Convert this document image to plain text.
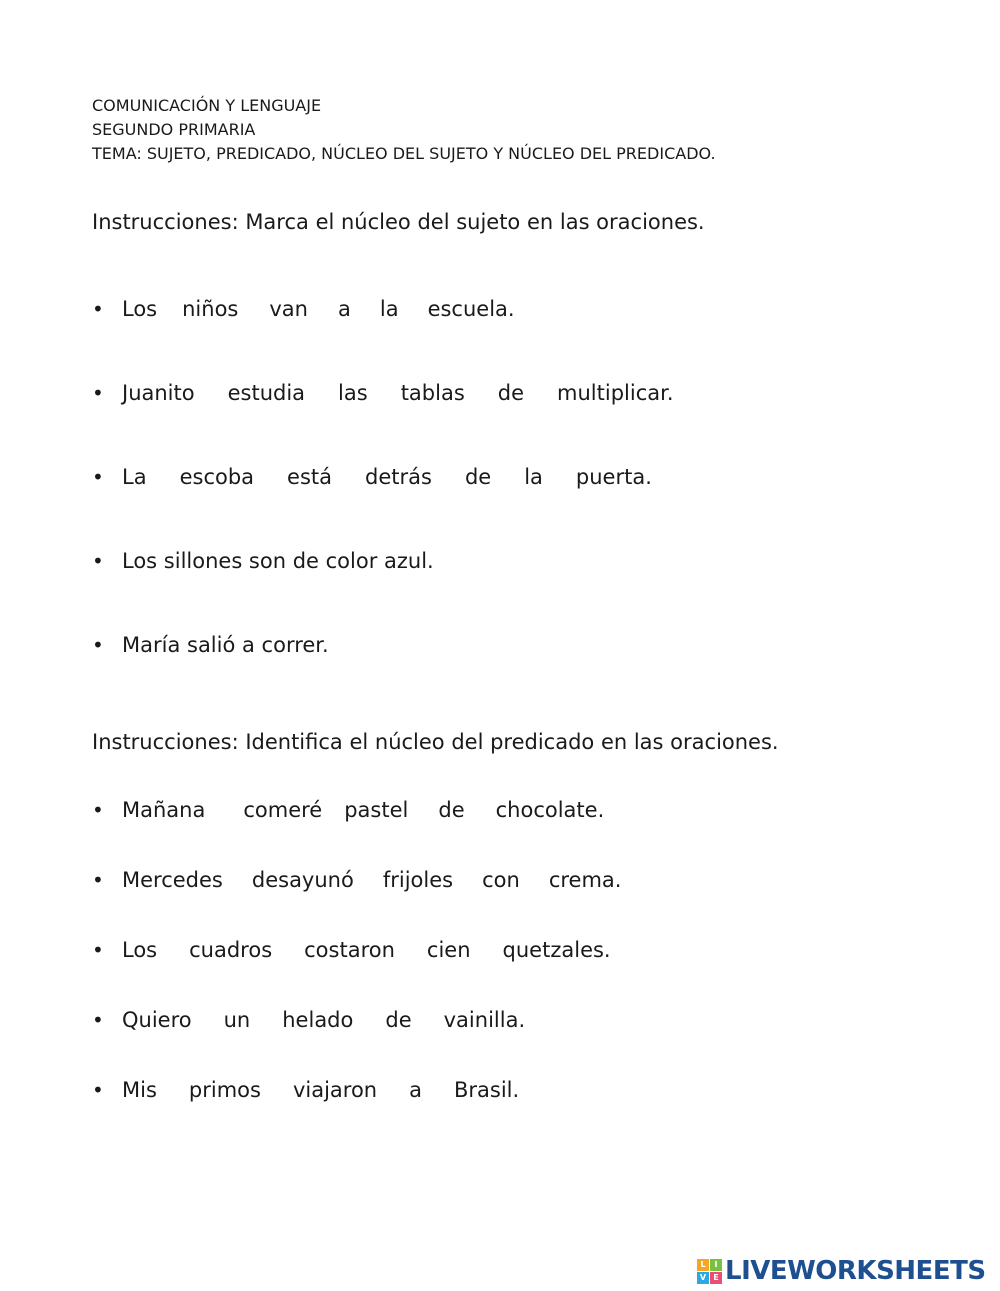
COMUNICACIÓN Y LENGUAJE
SEGUNDO PRIMARIA
TEMA: SUJETO, PREDICADO, NÚCLEO DEL SUJETO Y NÚCLEO DEL PREDICADO.
Instrucciones: Marca el núcleo del sujeto en las oraciones.
• Los niños van a la escuela.
• Juanito estudia las tablas de multiplicar.
• La escoba está detrás de la puerta.
• Los sillones son de color azul.
• María salió a correr.
Instrucciones: Identifica el núcleo del predicado en las oraciones.
• Mañana comeré pastel de chocolate.
• Mercedes desayunó frijoles con crema.
• Los cuadros costaron cien quetzales.
• Quiero un helado de vainilla.
• Mis primos viajaron a Brasil.
L	I
V E LIVEWORKSHEETS
